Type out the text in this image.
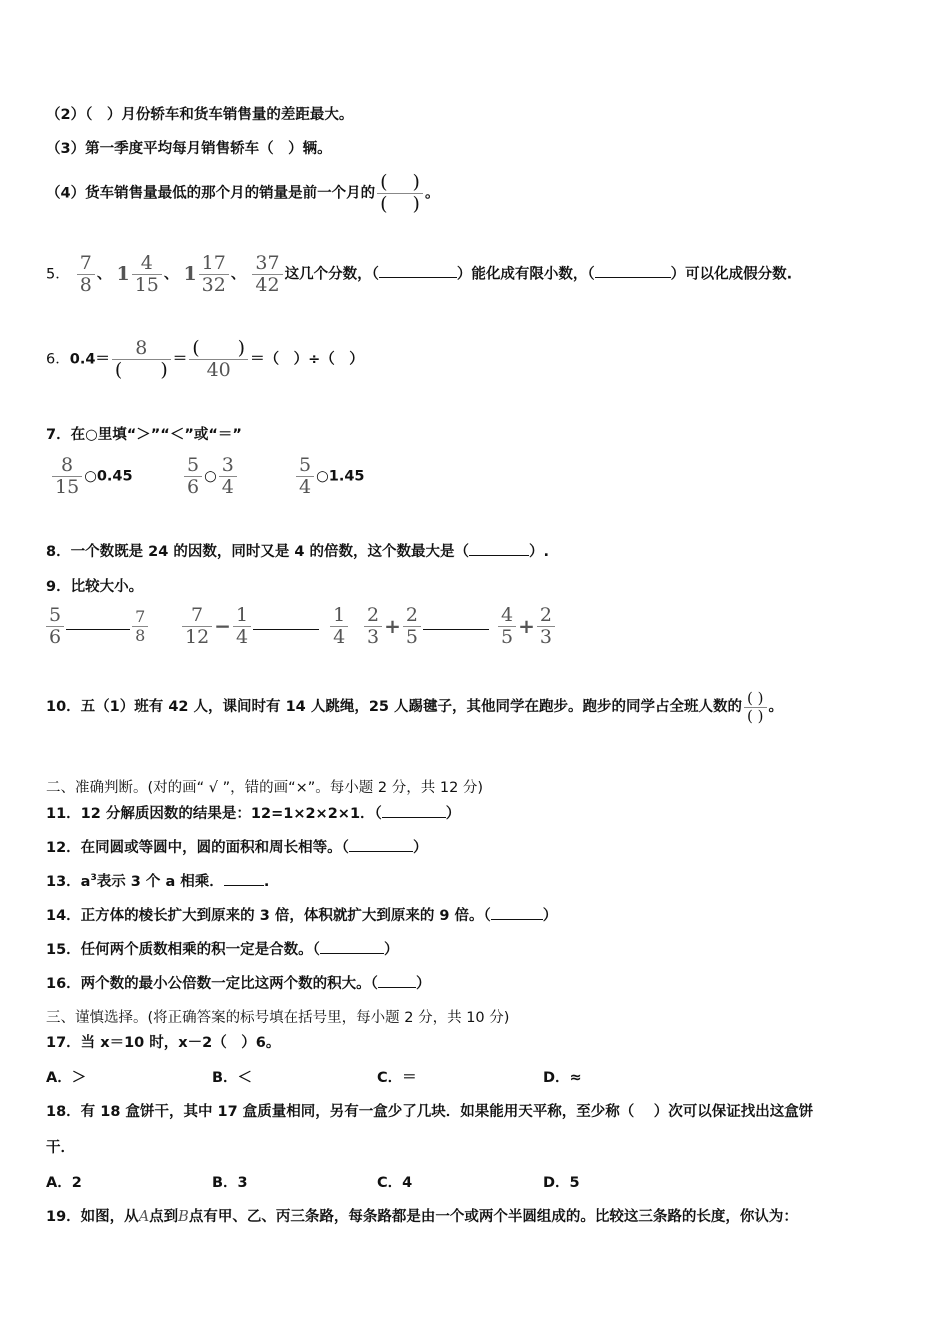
（2）（　）月份轿车和货车销售量的差距最大。
（3）第一季度平均每月销售轿车（　）辆。
（4）货车销售量最低的那个月的销量是前一个月的 $\frac{( )}{( )}$ 。
5． $\frac{7}{8}$ 、 $1 \frac{4}{15}$ 、 $1 \frac{17}{32}$ 、 $\frac{37}{42}$ 这几个分数，（	）能化成有限小数，（	）可以化成假分数.
6．$0.4= \frac{8}{( )} = \frac{( )}{40}$ ＝（　）÷（　）
7．在○里填“＞”“＜”或“＝”
$\frac{8}{15}$ ○0.45	$\frac{5}{6}$ ○ $\frac{3}{4}$	$\frac{5}{4}$ ○1.45
8．一个数既是 24 的因数，同时又是 4 的倍数，这个数最大是（	）.
9．比较大小。
$\frac{5}{6}$	$\frac{7}{8} \frac{7}{12} - \frac{1}{4}$
	$\frac{1}{4} \frac{2}{3} + \frac{2}{5}$
	$\frac{4}{5} + \frac{2}{3}$
10．五（1）班有 42 人，课间时有 14 人跳绳，25 人踢毽子，其他同学在跑步。跑步的同学占全班人数的 $\frac{( )}{( )}$ 。
二、准确判断。(对的画“ √ ”，错的画“×”。每小题 2 分，共 12 分)
11．12 分解质因数的结果是：12=1×2×2×1．（	）
12．在同圆或等圆中，圆的面积和周长相等。（	）
13．$a^3$表示 3 个 a 相乘．	.
14．正方体的棱长扩大到原来的 3 倍，体积就扩大到原来的 9 倍。（	）
15．任何两个质数相乘的积一定是合数。（	）
16．两个数的最小公倍数一定比这两个数的积大。（	）
三、谨慎选择。(将正确答案的标号填在括号里，每小题 2 分，共 10 分)
17．当 x＝10 时，x－2（　）6。
A．＞	B．＜	C．＝	D．≈
18．有 18 盒饼干，其中 17 盒质量相同，另有一盒少了几块．如果能用天平称，至少称（　 ）次可以保证找出这盒饼
干．
A．2	B．3	C．4	D．5
19．如图，从A点到B点有甲、乙、丙三条路，每条路都是由一个或两个半圆组成的。比较这三条路的长度，你认为：
